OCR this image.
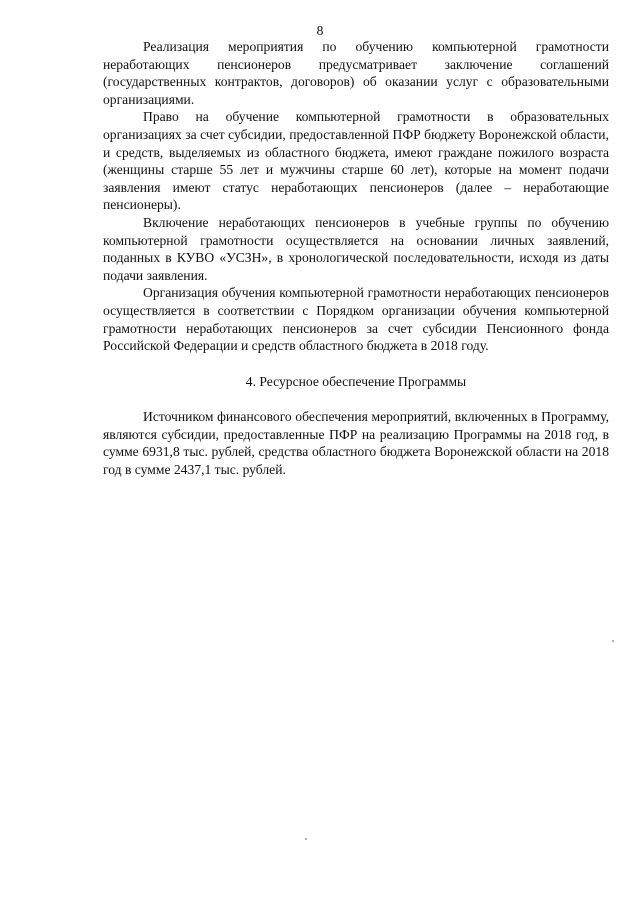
8

Реализация мероприятия по обучению компьютерной грамотности неработающих пенсионеров предусматривает заключение соглашений (государственных контрактов, договоров) об оказании услуг с образовательными организациями.

Право на обучение компьютерной грамотности в образовательных организациях за счет субсидии, предоставленной ПФР бюджету Воронежской области, и средств, выделяемых из областного бюджета, имеют граждане пожилого возраста (женщины старше 55 лет и мужчины старше 60 лет), которые на момент подачи заявления имеют статус неработающих пенсионеров (далее – неработающие пенсионеры).

Включение неработающих пенсионеров в учебные группы по обучению компьютерной грамотности осуществляется на основании личных заявлений, поданных в КУВО «УСЗН», в хронологической последовательности, исходя из даты подачи заявления.

Организация обучения компьютерной грамотности неработающих пенсионеров осуществляется в соответствии с Порядком организации обучения компьютерной грамотности неработающих пенсионеров за счет субсидии Пенсионного фонда Российской Федерации и средств областного бюджета в 2018 году.

4. Ресурсное обеспечение Программы

Источником финансового обеспечения мероприятий, включенных в Программу, являются субсидии, предоставленные ПФР на реализацию Программы на 2018 год, в сумме 6931,8 тыс. рублей, средства областного бюджета Воронежской области на 2018 год в сумме 2437,1 тыс. рублей.
